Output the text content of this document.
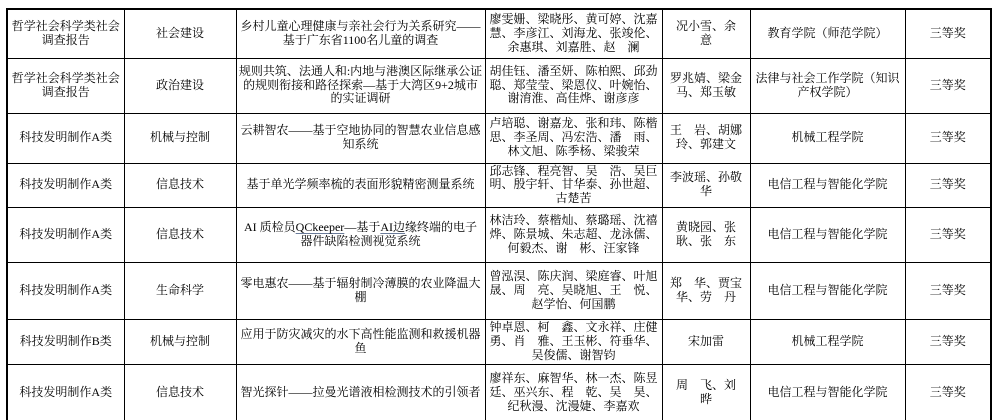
哲学社会科学类社会调查报告	社会建设	乡村儿童心理健康与亲社会行为关系研究——基于广东省1100名儿童的调查	廖雯姗、梁晓彤、黄可婷、沈嘉慧、李彦江、刘海龙、张竣伦、余惠琪、刘嘉胜、赵　澜	况小雪、余　意	教育学院（师范学院）	三等奖
哲学社会科学类社会调查报告	政治建设	规则共筑、法通人和:内地与港澳区际继承公证的规则衔接和路径探索—基于大湾区9+2城市的实证调研	胡佳钰、潘至妍、陈柏熙、邱劲聪、郑莹莹、梁恩仪、叶婉怡、谢淯淮、高佳烨、谢彦彦	罗兆婧、梁金马、郑玉敏	法律与社会工作学院（知识产权学院）	三等奖
科技发明制作A类	机械与控制	云耕智农——基于空地协同的智慧农业信息感知系统	卢培聪、谢嘉龙、张和玮、陈楷思、李圣周、冯宏浩、潘　雨、林文旭、陈季杨、梁骏荣	王　岩、胡娜玲、郭建文	机械工程学院	三等奖
科技发明制作A类	信息技术	基于单光学频率梳的表面形貌精密测量系统	邱志锋、程亮智、吴　浩、吴巨明、殷宇轩、甘华泰、孙世超、古楚苦	李波瑶、孙敬华	电信工程与智能化学院	三等奖
科技发明制作A类	信息技术	AI 质检员QCkeeper—基于AI边缘终端的电子器件缺陷检测视觉系统	林洁玲、蔡楷灿、蔡璐瑶、沈禧烨、陈景城、朱志超、龙泳儒、何毅杰、谢　彬、汪家锋	黄晓园、张　耿、张　东	电信工程与智能化学院	三等奖
科技发明制作A类	生命科学	零电惠农——基于辐射制冷薄膜的农业降温大棚	曾泓淏、陈庆润、梁庭睿、叶旭晟、周　亮、吴晓旭、王　悦、赵学怡、何国鹏	郑　华、贾宝华、劳　丹	电信工程与智能化学院	三等奖
科技发明制作B类	机械与控制	应用于防灾减灾的水下高性能监测和救援机器鱼	钟卓恩、柯　鑫、文永祥、庄健勇、肖　雅、王玉彬、符垂华、吴俊儒、谢智钧	宋加雷	机械工程学院	三等奖
科技发明制作A类	信息技术	智光探针——拉曼光谱液相检测技术的引领者	廖祥东、麻智华、林一杰、陈昱廷、巫兴东、程　乾、吴　昊、纪秋漫、沈漫婕、李嘉欢	周　飞、刘　晔	电信工程与智能化学院	三等奖
